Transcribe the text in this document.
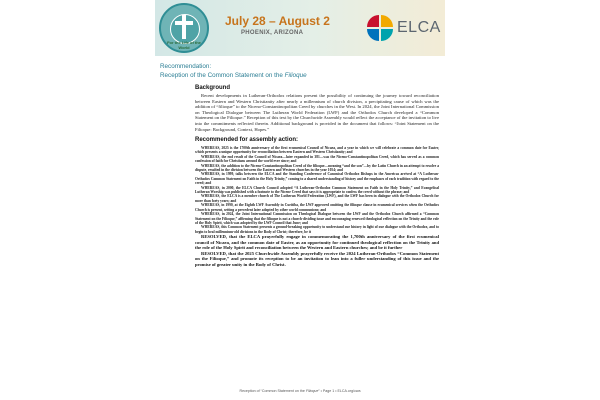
For the Life of the World
July 28 – August 2
PHOENIX, ARIZONA	ELCA
Recommendation:
Reception of the Common Statement on the Filioque
Background
Recent developments in Lutheran-Orthodox relations present the possibility of continuing the journey toward reconciliation between Eastern and Western Christianity after nearly a millennium of church division, a precipitating cause of which was the addition of “filioque” to the Niceno-Constantinopolitan Creed by churches in the West. In 2024, the Joint International Commission on Theological Dialogue between The Lutheran World Federation (LWF) and the Orthodox Church developed a “Common Statement on the Filioque.” Reception of this text by the Churchwide Assembly would reflect the acceptance of the invitation to live into the commitments reflected therein. Additional background is provided in the document that follows: “Joint Statement on the Filioque: Background, Context, Hopes.”
Recommended for assembly action:

WHEREAS, 2025 is the 1700th anniversary of the first ecumenical Council of Nicaea, and a year in which we will celebrate a common date for Easter, which presents a unique opportunity for reconciliation between Eastern and Western Christianity; and

WHEREAS, the end result of the Council of Nicaea—later expanded in 381—was the Niceno-Constantinopolitan Creed, which has served as a common confession of faith for Christians around the world ever since; and

WHEREAS, the addition to the Niceno-Constantinopolitan Creed of the filioque—meaning “and the son”—by the Latin Church in an attempt to resolve a dispute, resulted in the division between the Eastern and Western churches in the year 1054; and

WHEREAS, in 1999, talks between the ELCA and the Standing Conference of Canonical Orthodox Bishops in the Americas arrived at “A Lutheran-Orthodox Common Statement on Faith in the Holy Trinity,” coming to a shared understanding of history and the emphases of each tradition with regard to the creed; and

WHEREAS, in 2000, the ELCA Church Council adopted “A Lutheran-Orthodox Common Statement on Faith in the Holy Trinity,” and Evangelical Lutheran Worship was published with a footnote to the Nicene Creed that says it is appropriate to confess the creed without the phrase; and

WHEREAS, the ELCA is a member church of The Lutheran World Federation (LWF), and the LWF has been in dialogue with the Orthodox Church for more than forty years; and

WHEREAS, in 1990, at the Eighth LWF Assembly in Curitiba, the LWF approved omitting the filioque clause in ecumenical services when the Orthodox Church is present, setting a precedent later adopted by other world communions; and

WHEREAS, in 2024, the Joint International Commission on Theological Dialogue between the LWF and the Orthodox Church affirmed a “Common Statement on the Filioque,” affirming that the filioque is not a church-dividing issue and encouraging renewed theological reflection on the Trinity and the role of the Holy Spirit, which was adopted by the LWF Council that June; and

WHEREAS, this Common Statement presents a ground-breaking opportunity to understand our history in light of our dialogue with the Orthodox, and to begin to heal millennium-old divisions in the Body of Christ; therefore, be it

RESOLVED, that the ELCA prayerfully engage in commemorating the 1,700th anniversary of the first ecumenical council of Nicaea, and the common date of Easter, as an opportunity for continued theological reflection on the Trinity and the role of the Holy Spirit and reconciliation between the Western and Eastern churches; and be it further

RESOLVED, that the 2025 Churchwide Assembly prayerfully receive the 2024 Lutheran-Orthodox “Common Statement on the Filioque,” and promote its reception to be an invitation to lean into a fuller understanding of this issue and the promise of greater unity in the Body of Christ.

Reception of “Common Statement on the Filioque” • Page 1 • ELCA.org/cwa
